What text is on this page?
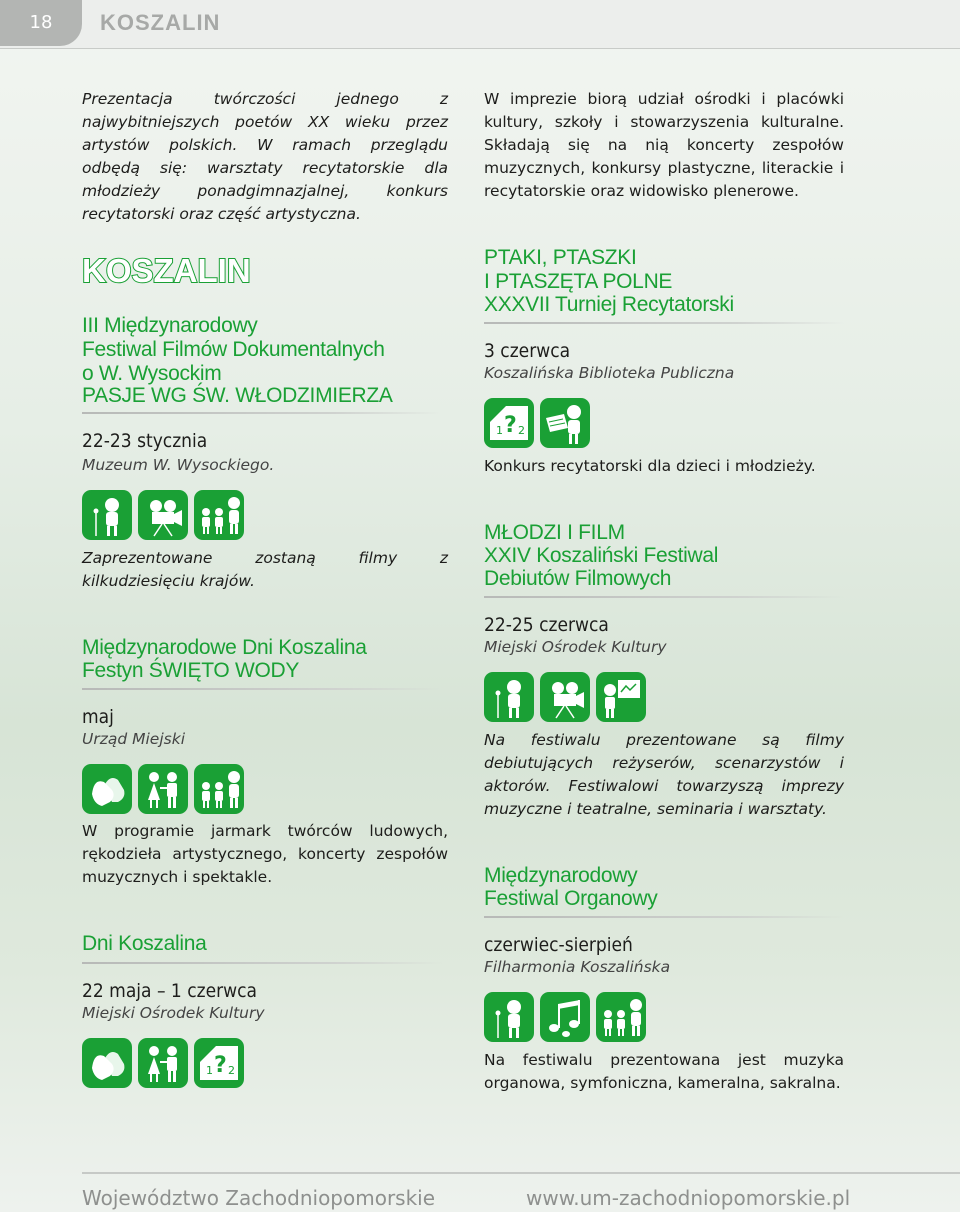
18	KOSZALIN
Prezentacja twórczości jednego z najwybitniejszych poetów XX wieku przez artystów polskich. W ramach przeglądu odbędą się: warsztaty recytatorskie dla młodzieży ponadgimnazjalnej, konkurs recytatorski oraz część artystyczna.
KOSZALIN
III Międzynarodowy
Festiwal Filmów Dokumentalnych
o W. Wysockim
PASJE WG ŚW. WŁODZIMIERZA
22-23 stycznia
Muzeum W. Wysockiego.
Zaprezentowane zostaną filmy z kilkudziesięciu krajów.
Międzynarodowe Dni Koszalina
Festyn ŚWIĘTO WODY
maj
Urząd Miejski
W programie jarmark twórców ludowych, rękodzieła artystycznego, koncerty zespołów muzycznych i spektakle.
Dni Koszalina
22 maja – 1 czerwca
Miejski Ośrodek Kultury
1 ? 2
W imprezie biorą udział ośrodki i placówki kultury, szkoły i stowarzyszenia kulturalne. Składają się na nią koncerty zespołów muzycznych, konkursy plastyczne, literackie i recytatorskie oraz widowisko plenerowe.
PTAKI, PTASZKI
I PTASZĘTA POLNE
XXXVII Turniej Recytatorski
3 czerwca
Koszalińska Biblioteka Publiczna
1 ? 2
Konkurs recytatorski dla dzieci i młodzieży.
MŁODZI I FILM
XXIV Koszaliński Festiwal
Debiutów Filmowych
22-25 czerwca
Miejski Ośrodek Kultury
Na festiwalu prezentowane są filmy debiutujących reżyserów, scenarzystów i aktorów. Festiwalowi towarzyszą imprezy muzyczne i teatralne, seminaria i warsztaty.
Międzynarodowy
Festiwal Organowy
czerwiec-sierpień
Filharmonia Koszalińska
Na festiwalu prezentowana jest muzyka organowa, symfoniczna, kameralna, sakralna.
Województwo Zachodniopomorskie	www.um-zachodniopomorskie.pl
